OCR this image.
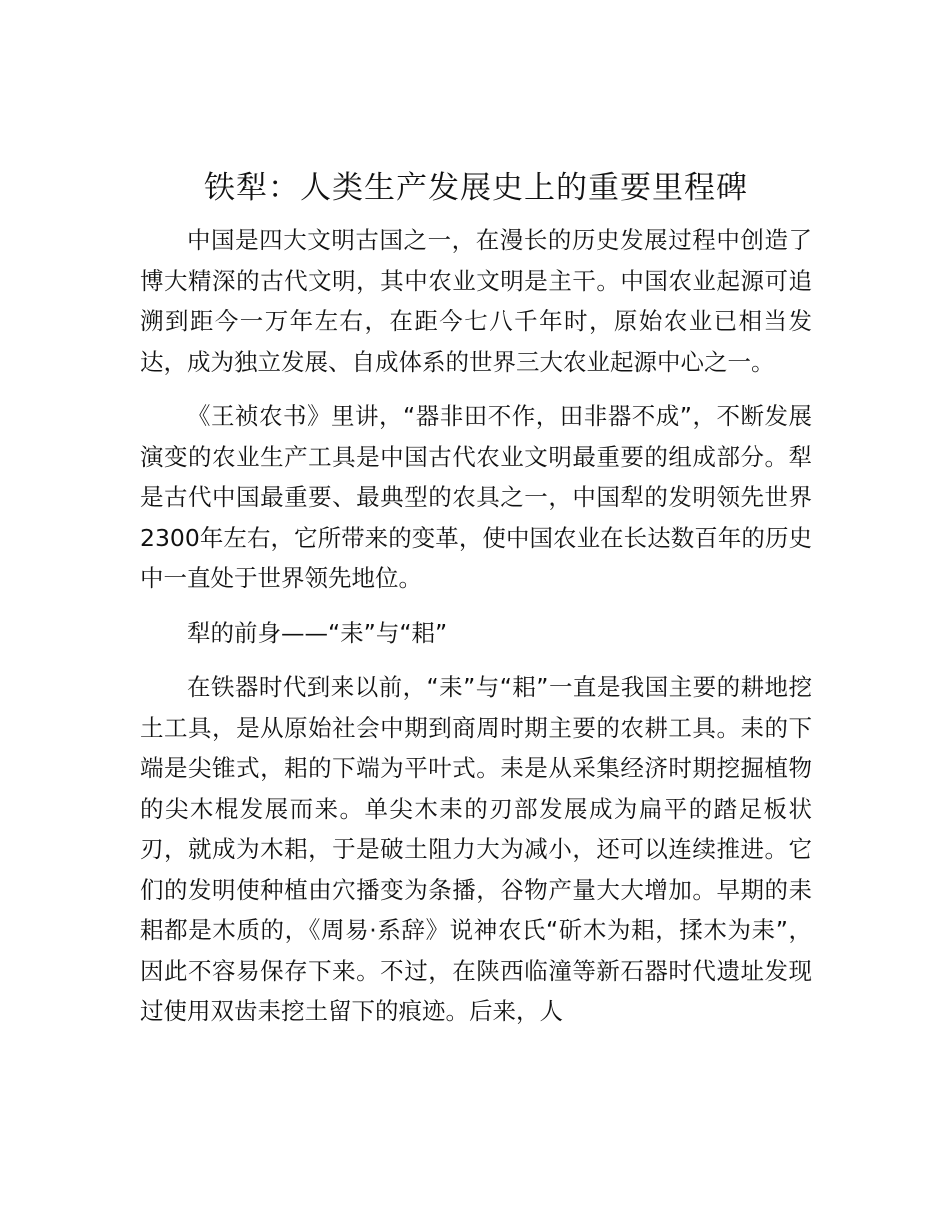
铁犁：人类生产发展史上的重要里程碑

中国是四大文明古国之一，在漫长的历史发展过程中创造了博大精深的古代文明，其中农业文明是主干。中国农业起源可追溯到距今一万年左右，在距今七八千年时，原始农业已相当发达，成为独立发展、自成体系的世界三大农业起源中心之一。

《王祯农书》里讲，“器非田不作，田非器不成”，不断发展演变的农业生产工具是中国古代农业文明最重要的组成部分。犁是古代中国最重要、最典型的农具之一，中国犁的发明领先世界2300年左右，它所带来的变革，使中国农业在长达数百年的历史中一直处于世界领先地位。

犁的前身——“耒”与“耜”

在铁器时代到来以前，“耒”与“耜”一直是我国主要的耕地挖土工具，是从原始社会中期到商周时期主要的农耕工具。耒的下端是尖锥式，耜的下端为平叶式。耒是从采集经济时期挖掘植物的尖木棍发展而来。单尖木耒的刃部发展成为扁平的踏足板状刃，就成为木耜，于是破土阻力大为减小，还可以连续推进。它们的发明使种植由穴播变为条播，谷物产量大大增加。早期的耒耜都是木质的，《周易·系辞》说神农氏“斫木为耜，揉木为耒”，因此不容易保存下来。不过，在陕西临潼等新石器时代遗址发现过使用双齿耒挖土留下的痕迹。后来，人
